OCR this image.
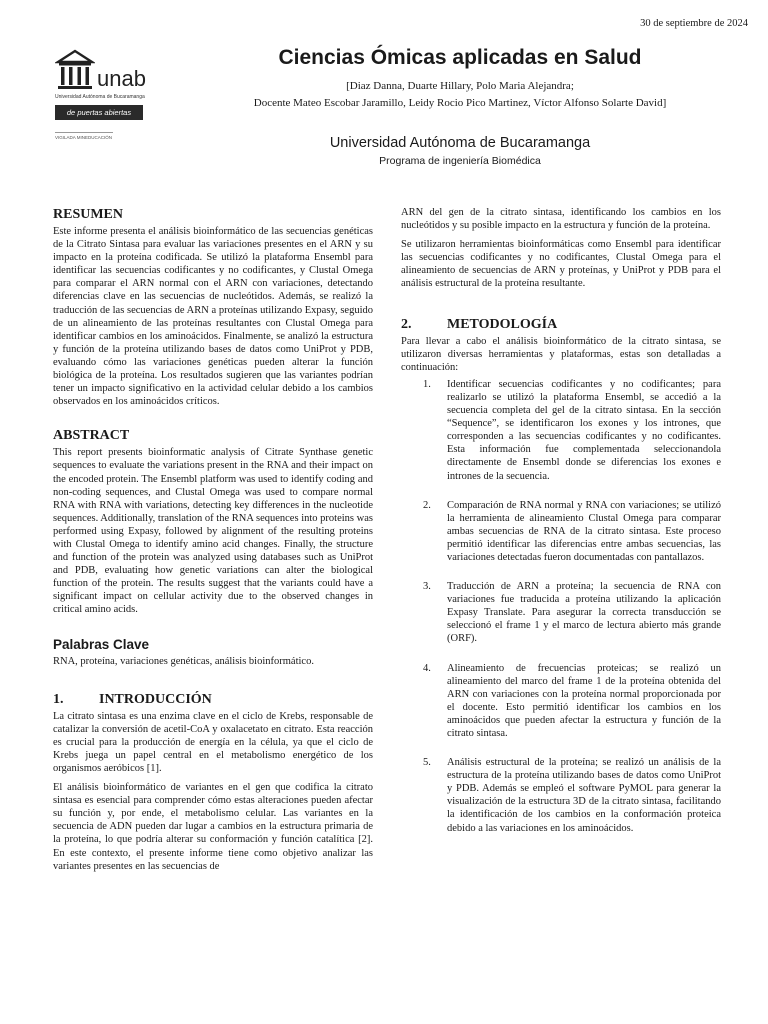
30 de septiembre de 2024
unab
Universidad Autónoma de Bucaramanga
de puertas abiertas
VIGILADA MINEDUCACIÓN
Ciencias Ómicas aplicadas en Salud
[Diaz Danna, Duarte Hillary, Polo Maria Alejandra;
Docente Mateo Escobar Jaramillo, Leidy Rocio Pico Martinez, Víctor Alfonso Solarte David]
Universidad Autónoma de Bucaramanga
Programa de ingeniería Biomédica
RESUMEN

Este informe presenta el análisis bioinformático de las secuencias genéticas de la Citrato Sintasa para evaluar las variaciones presentes en el ARN y su impacto en la proteína codificada. Se utilizó la plataforma Ensembl para identificar las secuencias codificantes y no codificantes, y Clustal Omega para comparar el ARN normal con el ARN con variaciones, detectando diferencias clave en las secuencias de nucleótidos. Además, se realizó la traducción de las secuencias de ARN a proteínas utilizando Expasy, seguido de un alineamiento de las proteínas resultantes con Clustal Omega para identificar cambios en los aminoácidos. Finalmente, se analizó la estructura y función de la proteína utilizando bases de datos como UniProt y PDB, evaluando cómo las variaciones genéticas pueden alterar la función biológica de la proteína. Los resultados sugieren que las variantes podrían tener un impacto significativo en la actividad celular debido a los cambios observados en los aminoácidos críticos.

ABSTRACT

This report presents bioinformatic analysis of Citrate Synthase genetic sequences to evaluate the variations present in the RNA and their impact on the encoded protein. The Ensembl platform was used to identify coding and non-coding sequences, and Clustal Omega was used to compare normal RNA with RNA with variations, detecting key differences in the nucleotide sequences. Additionally, translation of the RNA sequences into proteins was performed using Expasy, followed by alignment of the resulting proteins with Clustal Omega to identify amino acid changes. Finally, the structure and function of the protein was analyzed using databases such as UniProt and PDB, evaluating how genetic variations can alter the biological function of the protein. The results suggest that the variants could have a significant impact on cellular activity due to the observed changes in critical amino acids.

Palabras Clave

RNA, proteína, variaciones genéticas, análisis bioinformático.

1.	INTRODUCCIÓN

La citrato sintasa es una enzima clave en el ciclo de Krebs, responsable de catalizar la conversión de acetil-CoA y oxalacetato en citrato. Esta reacción es crucial para la producción de energía en la célula, ya que el ciclo de Krebs juega un papel central en el metabolismo energético de los organismos aeróbicos [1].

El análisis bioinformático de variantes en el gen que codifica la citrato sintasa es esencial para comprender cómo estas alteraciones pueden afectar su función y, por ende, el metabolismo celular. Las variantes en la secuencia de ADN pueden dar lugar a cambios en la estructura primaria de la proteína, lo que podría alterar su conformación y función catalítica [2]. En este contexto, el presente informe tiene como objetivo analizar las variantes presentes en las secuencias de

ARN del gen de la citrato sintasa, identificando los cambios en los nucleótidos y su posible impacto en la estructura y función de la proteína.

Se utilizaron herramientas bioinformáticas como Ensembl para identificar las secuencias codificantes y no codificantes, Clustal Omega para el alineamiento de secuencias de ARN y proteínas, y UniProt y PDB para el análisis estructural de la proteína resultante.

2.	METODOLOGÍA

Para llevar a cabo el análisis bioinformático de la citrato sintasa, se utilizaron diversas herramientas y plataformas, estas son detalladas a continuación:

1. Identificar secuencias codificantes y no codificantes; para realizarlo se utilizó la plataforma Ensembl, se accedió a la secuencia completa del gel de la citrato sintasa. En la sección “Sequence”, se identificaron los exones y los intrones, que corresponden a las secuencias codificantes y no codificantes. Esta información fue complementada seleccionandola directamente de Ensembl donde se diferencias los exones e intrones de la secuencia.
2. Comparación de RNA normal y RNA con variaciones; se utilizó la herramienta de alineamiento Clustal Omega para comparar ambas secuencias de RNA de la citrato sintasa. Este proceso permitió identificar las diferencias entre ambas secuencias, las variaciones detectadas fueron documentadas con pantallazos.
3. Traducción de ARN a proteína; la secuencia de RNA con variaciones fue traducida a proteína utilizando la aplicación Expasy Translate. Para asegurar la correcta transducción se seleccionó el frame 1 y el marco de lectura abierto más grande (ORF).
4. Alineamiento de frecuencias proteicas; se realizó un alineamiento del marco del frame 1 de la proteína obtenida del ARN con variaciones con la proteína normal proporcionada por el docente. Esto permitió identificar los cambios en los aminoácidos que pueden afectar la estructura y función de la citrato sintasa.
5. Análisis estructural de la proteína; se realizó un análisis de la estructura de la proteína utilizando bases de datos como UniProt y PDB. Además se empleó el software PyMOL para generar la visualización de la estructura 3D de la citrato sintasa, facilitando la identificación de los cambios en la conformación proteica debido a las variaciones en los aminoácidos.
